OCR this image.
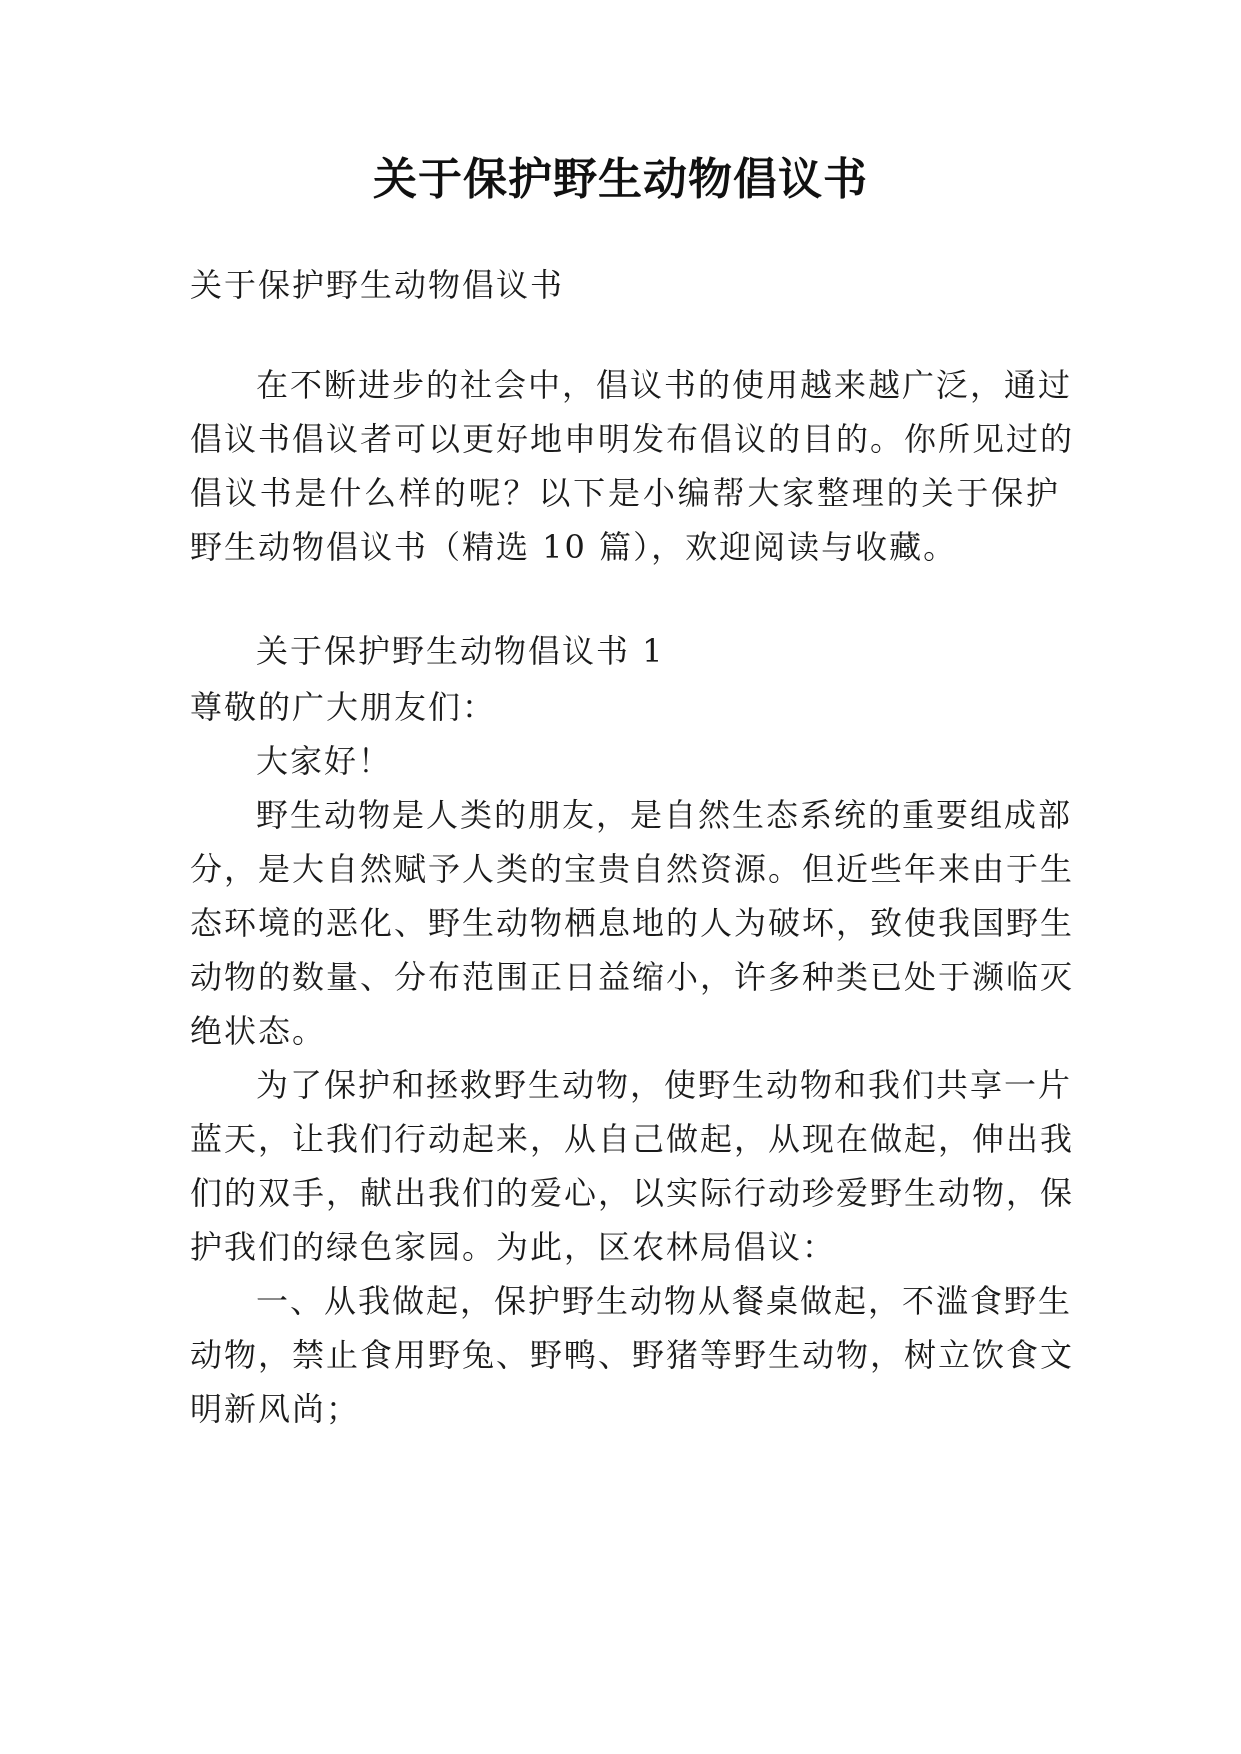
关于保护野生动物倡议书

关于保护野生动物倡议书

在不断进步的社会中，倡议书的使用越来越广泛，通过

倡议书倡议者可以更好地申明发布倡议的目的。你所见过的

倡议书是什么样的呢？以下是小编帮大家整理的关于保护

野生动物倡议书（精选 10 篇），欢迎阅读与收藏。

关于保护野生动物倡议书 1

尊敬的广大朋友们：

大家好！

野生动物是人类的朋友，是自然生态系统的重要组成部

分，是大自然赋予人类的宝贵自然资源。但近些年来由于生

态环境的恶化、野生动物栖息地的人为破坏，致使我国野生

动物的数量、分布范围正日益缩小，许多种类已处于濒临灭

绝状态。

为了保护和拯救野生动物，使野生动物和我们共享一片

蓝天，让我们行动起来，从自己做起，从现在做起，伸出我

们的双手，献出我们的爱心，以实际行动珍爱野生动物，保

护我们的绿色家园。为此，区农林局倡议：

一、从我做起，保护野生动物从餐桌做起，不滥食野生

动物，禁止食用野兔、野鸭、野猪等野生动物，树立饮食文

明新风尚；
